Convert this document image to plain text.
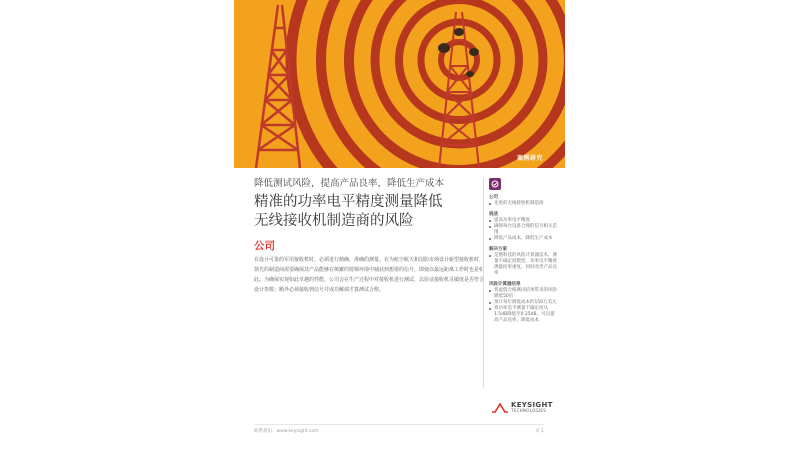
案例研究
降低测试风险，提高产品良率，降低生产成本
精准的功率电平精度测量降低
无线接收机制造商的风险
公司
在设计可靠的军用接收机时，必须进行精确、准确的测量。在为航空航天和国防市场设计新型接收机时，领先的制造商需要确保其产品能够在频繁的射频环境中捕获到想要的信号，即使以最远距离工作时也是如此。为确保实现如此卓越的性能，公司会在生产过程中对接收机进行测试，以验证接收机灵敏度是否符合设计参数；额外必须接收到信号并成功解调才算测试合格。
公司
先进的无线接收机制造商
挑战
提高功率电平精度
确保每台设备合理的信号相关范围
降低产品成本，降低生产成本
解决方案
是德科技的风险计算器技术，测量不确定度模型，功率电平精度测量结果重复，同时改善产品良率
风险计算器结果
将虚假合格测试结果带来的风险降低50倍
预计每年降低成本约150万美元
将功率电平测量不确定度从1.5dB降低至0.25dB，可以提高产品良率，降低成本
KEYSIGHT
TECHNOLOGIES
联系我们：www.keysight.com	页 1
